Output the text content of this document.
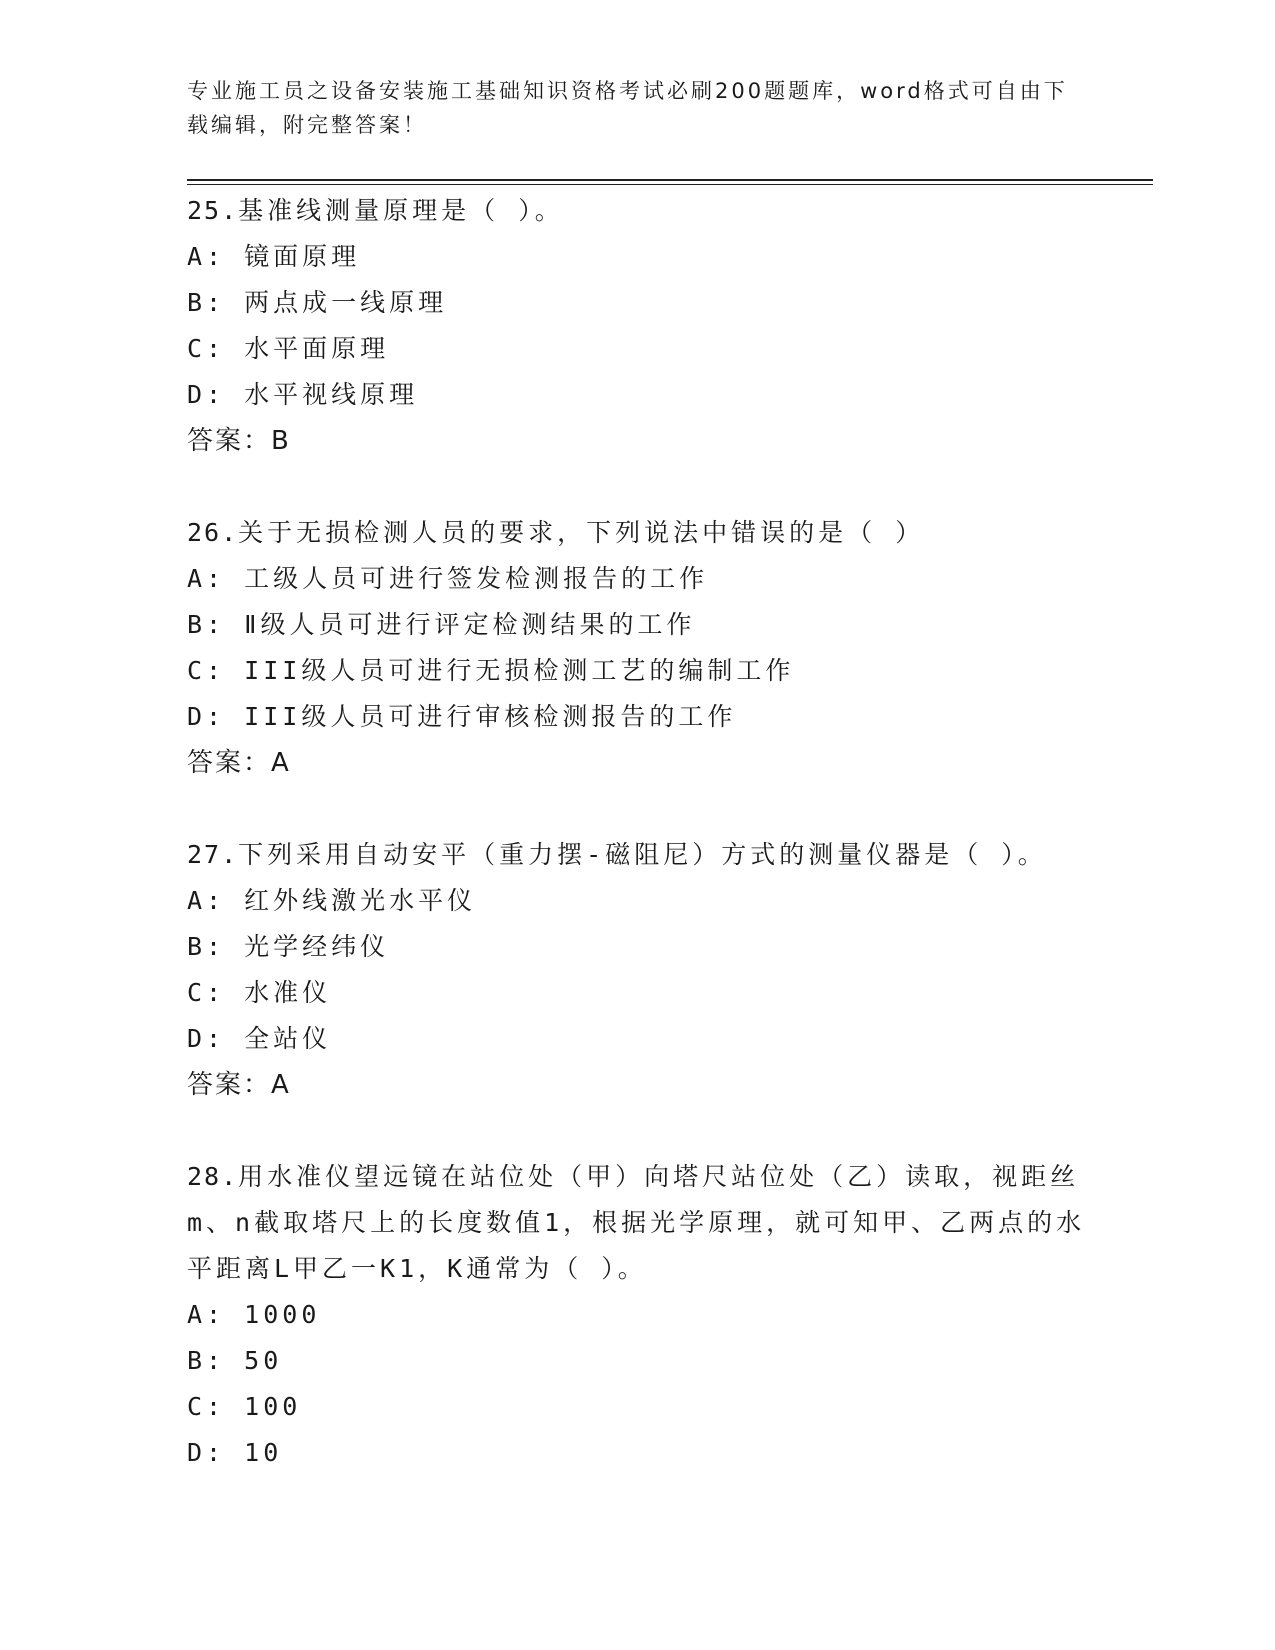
专业施工员之设备安装施工基础知识资格考试必刷200题题库，word格式可自由下载编辑，附完整答案！
25.基准线测量原理是（ ）。
A: 镜面原理
B: 两点成一线原理
C: 水平面原理
D: 水平视线原理
答案：B
26.关于无损检测人员的要求，下列说法中错误的是（ ）
A: 工级人员可进行签发检测报告的工作
B: Ⅱ级人员可进行评定检测结果的工作
C: III级人员可进行无损检测工艺的编制工作
D: III级人员可进行审核检测报告的工作
答案：A
27.下列采用自动安平（重力摆-磁阻尼）方式的测量仪器是（ ）。
A: 红外线激光水平仪
B: 光学经纬仪
C: 水准仪
D: 全站仪
答案：A
28.用水准仪望远镜在站位处（甲）向塔尺站位处（乙）读取，视距丝m、n截取塔尺上的长度数值1，根据光学原理，就可知甲、乙两点的水平距离L甲乙一K1，K通常为（ ）。
A: 1000
B: 50
C: 100
D: 10
